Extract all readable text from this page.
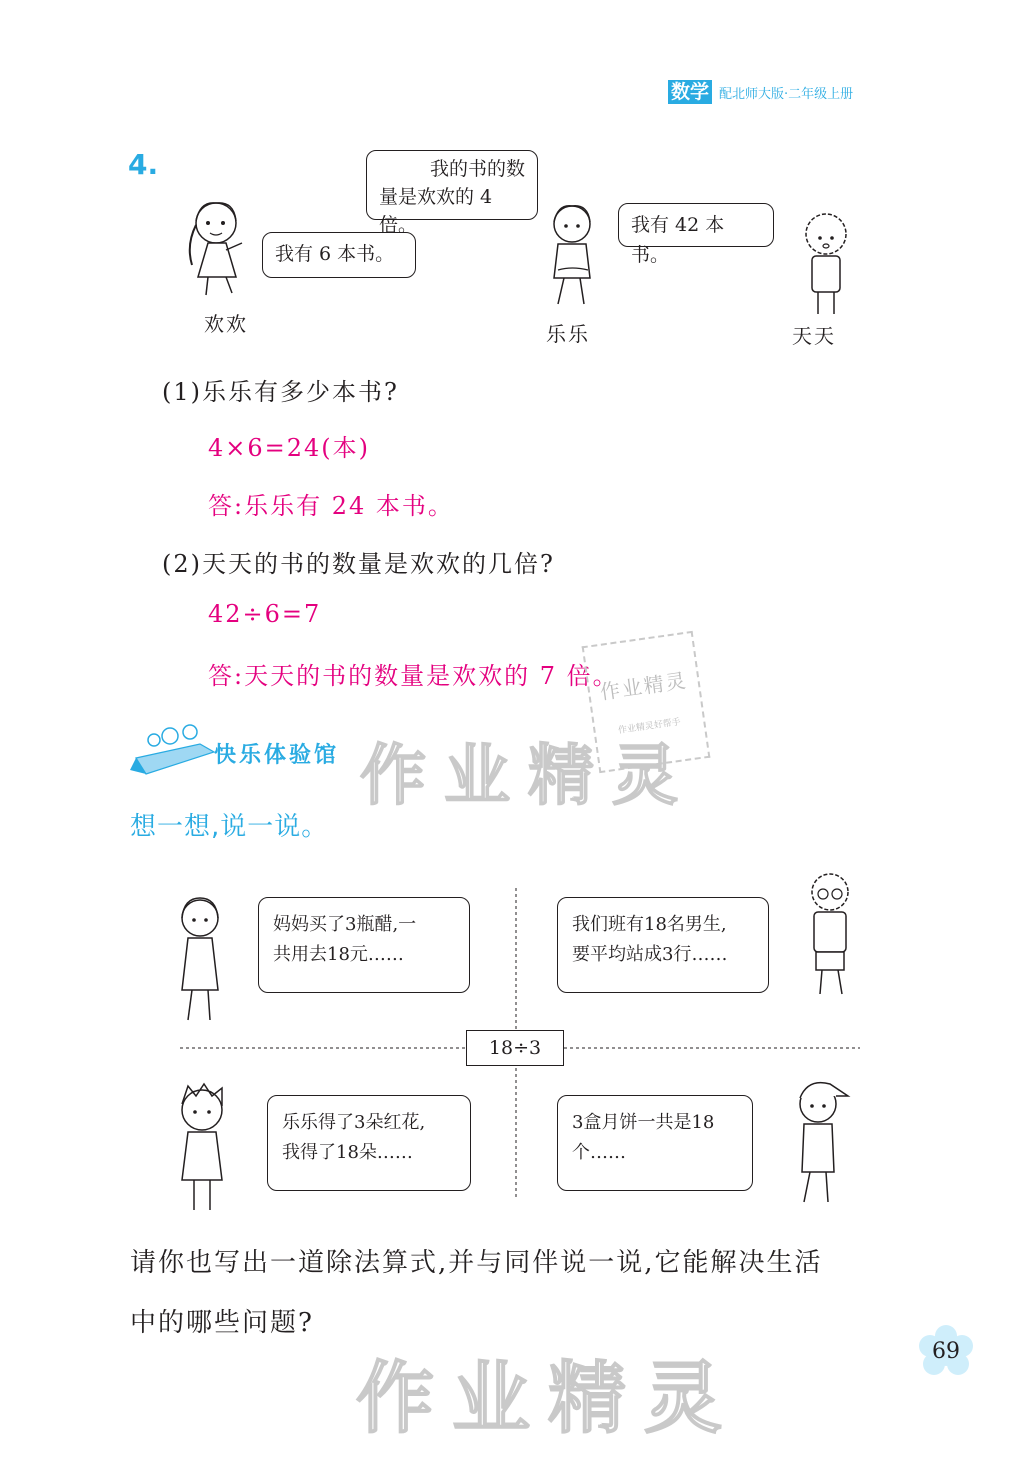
数学 配北师大版·二年级上册
4.
我有 6 本书。
欢欢
我的书的数
量是欢欢的 4 倍。
乐乐
我有 42 本书。
天天
(1)乐乐有多少本书?
4×6=24(本)
答:乐乐有 24 本书。
(2)天天的书的数量是欢欢的几倍?
42÷6=7
答:天天的书的数量是欢欢的 7 倍。
作业精灵
作业精灵好帮手
快乐体验馆 作业精灵
想一想,说一说。
妈妈买了3瓶醋,一
共用去18元……
我们班有18名男生,
要平均站成3行……
18÷3
乐乐得了3朵红花,
我得了18朵……
3盒月饼一共是18
个……
请你也写出一道除法算式,并与同伴说一说,它能解决生活
中的哪些问题?
作业精灵
69
